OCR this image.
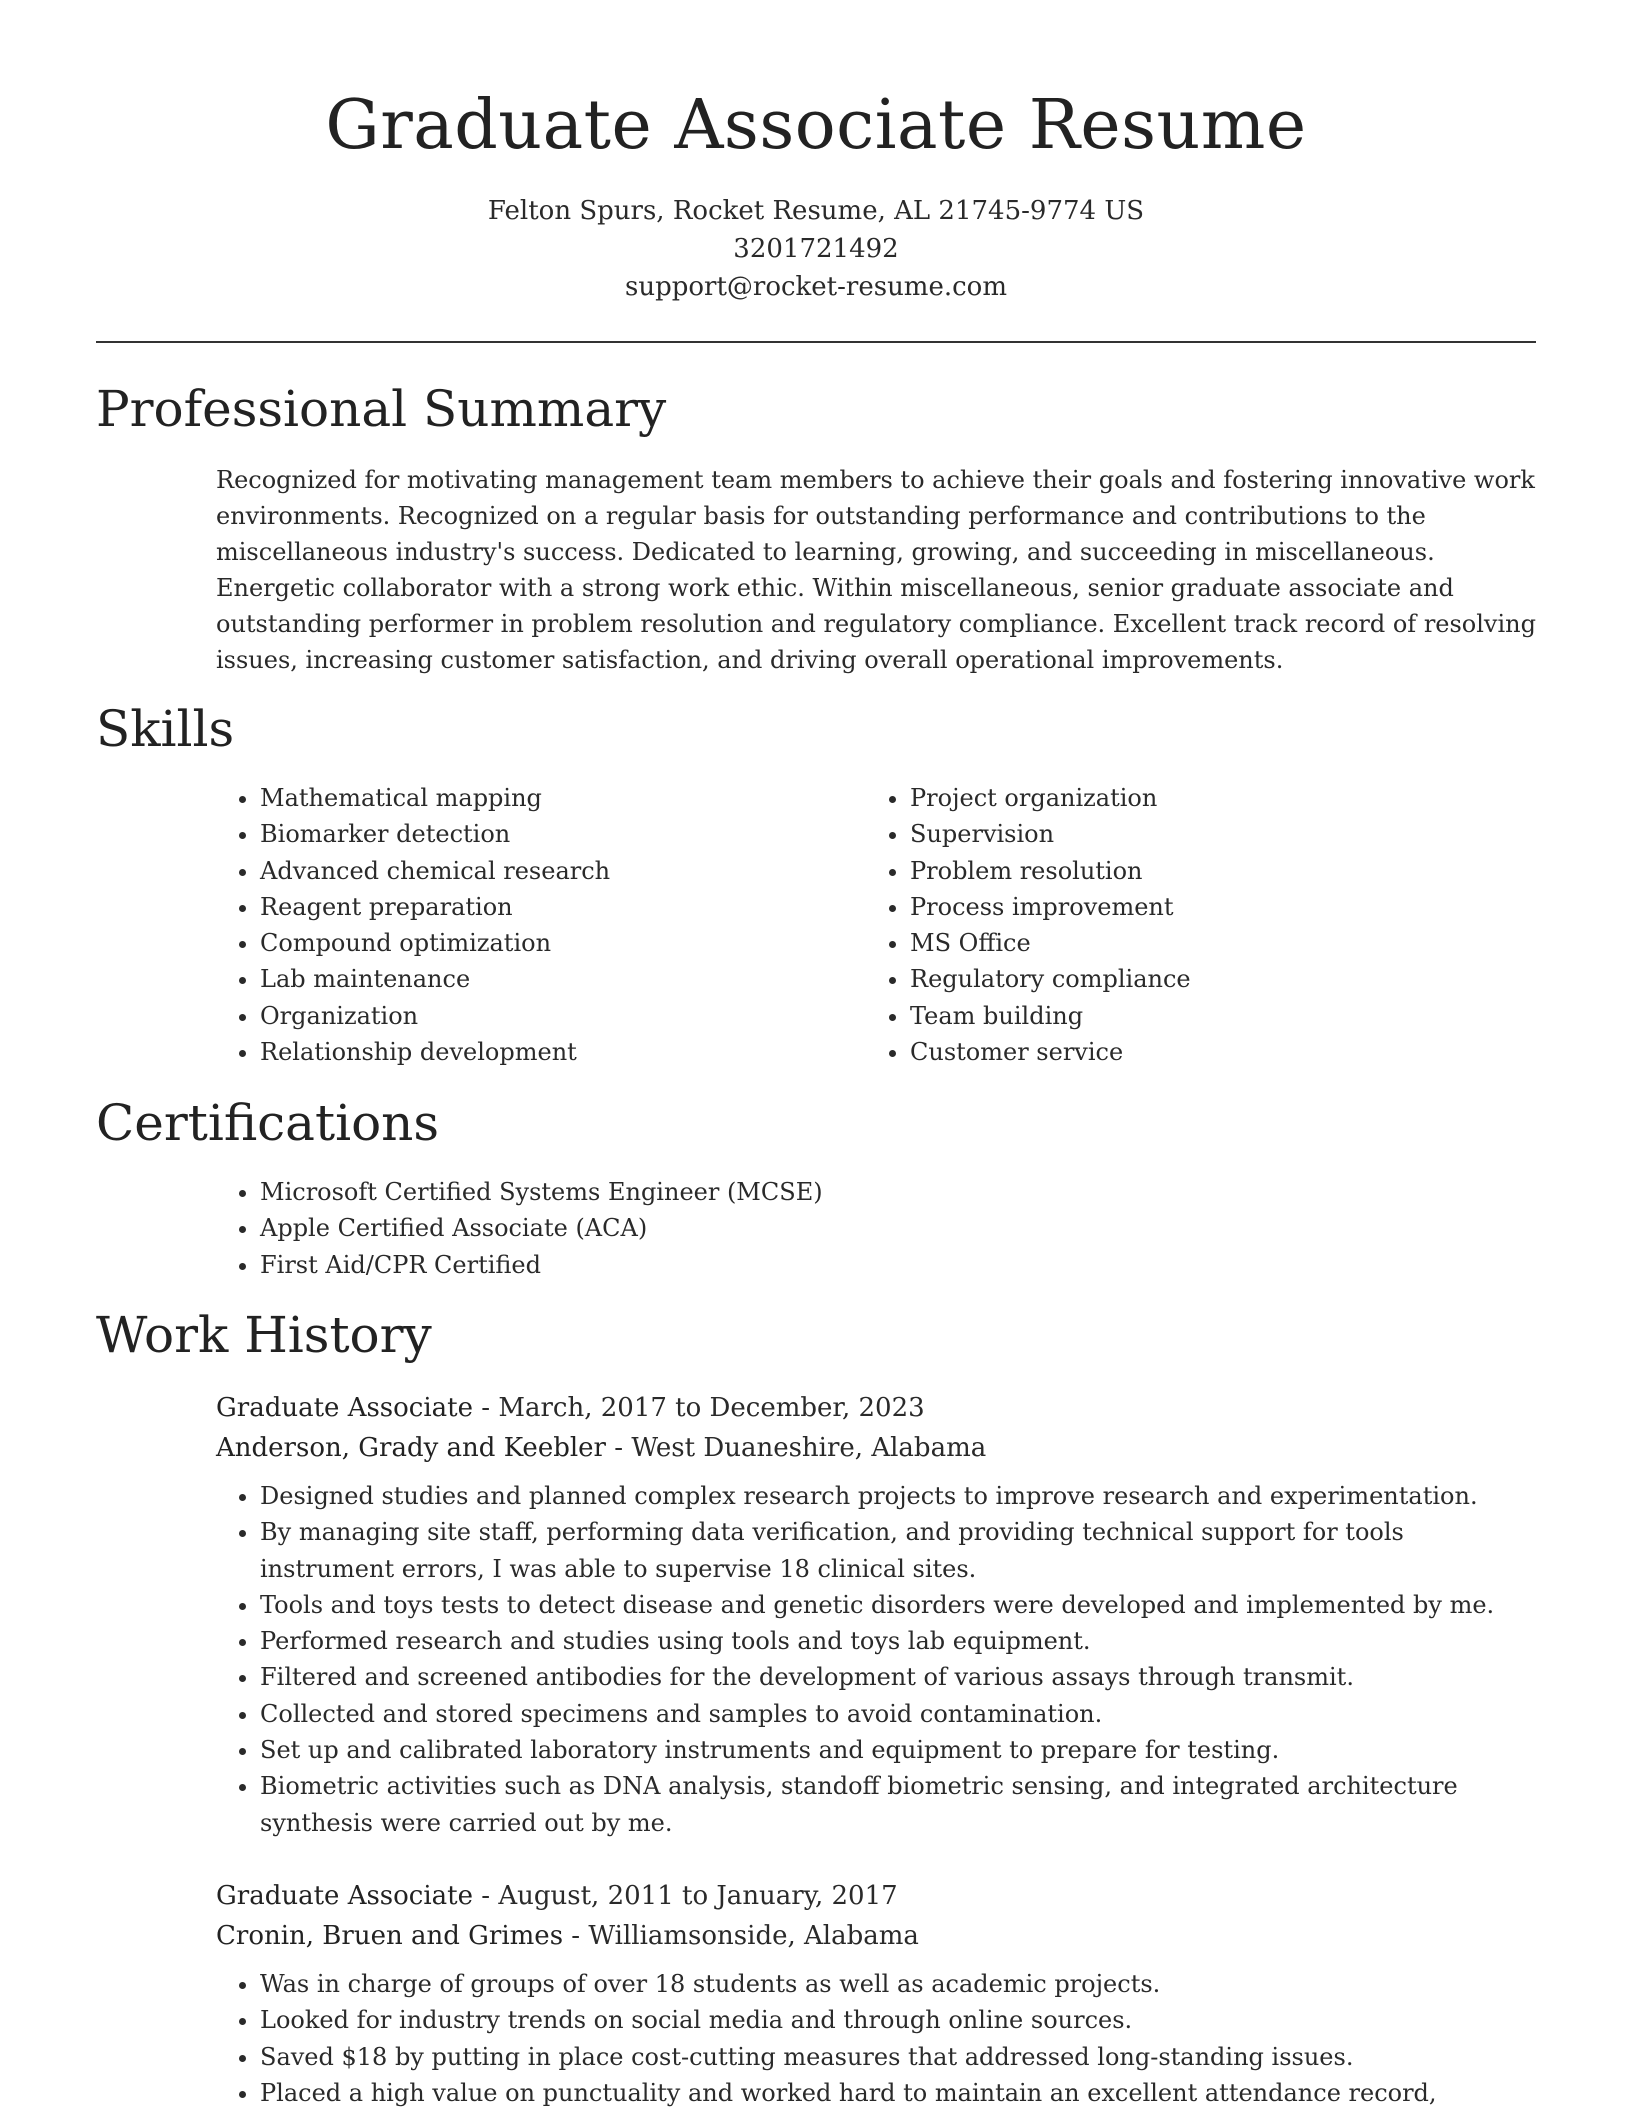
Graduate Associate Resume
Felton Spurs, Rocket Resume, AL 21745-9774 US
3201721492
support@rocket-resume.com
Professional Summary

Recognized for motivating management team members to achieve their goals and fostering innovative work environments. Recognized on a regular basis for outstanding performance and contributions to the miscellaneous industry's success. Dedicated to learning, growing, and succeeding in miscellaneous. Energetic collaborator with a strong work ethic. Within miscellaneous, senior graduate associate and outstanding performer in problem resolution and regulatory compliance. Excellent track record of resolving issues, increasing customer satisfaction, and driving overall operational improvements.

Skills
• Mathematical mapping
• Biomarker detection
• Advanced chemical research
• Reagent preparation
• Compound optimization
• Lab maintenance
• Organization
• Relationship development
• Project organization
• Supervision
• Problem resolution
• Process improvement
• MS Office
• Regulatory compliance
• Team building
• Customer service
Certifications
• Microsoft Certified Systems Engineer (MCSE)
• Apple Certified Associate (ACA)
• First Aid/CPR Certified
Work History

Graduate Associate - March, 2017 to December, 2023

Anderson, Grady and Keebler - West Duaneshire, Alabama

• Designed studies and planned complex research projects to improve research and experimentation.
• By managing site staff, performing data verification, and providing technical support for tools instrument errors, I was able to supervise 18 clinical sites.
• Tools and toys tests to detect disease and genetic disorders were developed and implemented by me.
• Performed research and studies using tools and toys lab equipment.
• Filtered and screened antibodies for the development of various assays through transmit.
• Collected and stored specimens and samples to avoid contamination.
• Set up and calibrated laboratory instruments and equipment to prepare for testing.
• Biometric activities such as DNA analysis, standoff biometric sensing, and integrated architecture synthesis were carried out by me.

Graduate Associate - August, 2011 to January, 2017

Cronin, Bruen and Grimes - Williamsonside, Alabama

• Was in charge of groups of over 18 students as well as academic projects.
• Looked for industry trends on social media and through online sources.
• Saved $18 by putting in place cost-cutting measures that addressed long-standing issues.
• Placed a high value on punctuality and worked hard to maintain an excellent attendance record,
